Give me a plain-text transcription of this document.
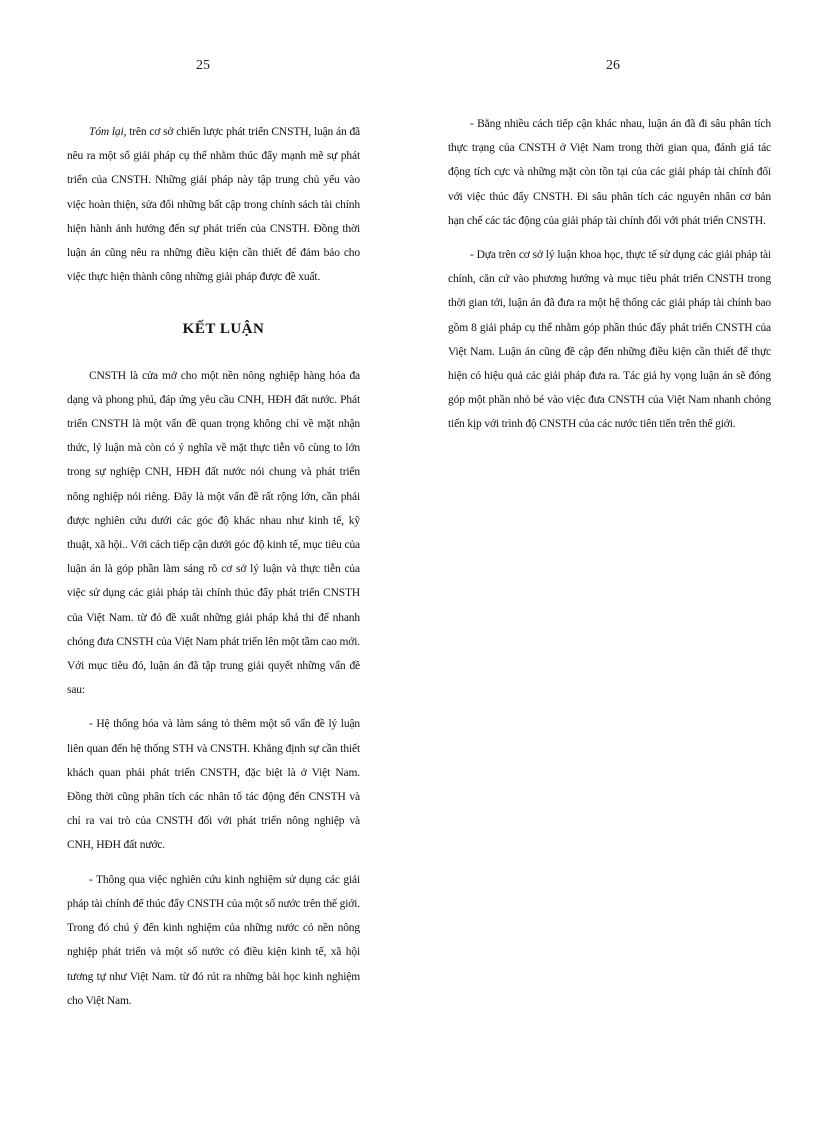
25	26

Tóm lại, trên cơ sở chiến lược phát triển CNSTH, luận án đã nêu ra một số giải pháp cụ thể nhằm thúc đẩy mạnh mẽ sự phát triển của CNSTH. Những giải pháp này tập trung chủ yếu vào việc hoàn thiện, sửa đổi những bất cập trong chính sách tài chính hiện hành ảnh hưởng đến sự phát triển của CNSTH. Đồng thời luận án cũng nêu ra những điều kiện cần thiết để đảm bảo cho việc thực hiện thành công những giải pháp được đề xuất.

KẾT LUẬN

CNSTH là cửa mở cho một nền nông nghiệp hàng hóa đa dạng và phong phú, đáp ứng yêu cầu CNH, HĐH đất nước. Phát triển CNSTH là một vấn đề quan trọng không chỉ về mặt nhận thức, lý luận mà còn có ý nghĩa về mặt thực tiễn vô cùng to lớn trong sự nghiệp CNH, HĐH đất nước nói chung và phát triển nông nghiệp nói riêng. Đây là một vấn đề rất rộng lớn, cần phải được nghiên cứu dưới các góc độ khác nhau như kinh tế, kỹ thuật, xã hội.. Với cách tiếp cận dưới góc độ kinh tế, mục tiêu của luận án là góp phần làm sáng rõ cơ sở lý luận và thực tiễn của việc sử dụng các giải pháp tài chính thúc đẩy phát triển CNSTH của Việt Nam. từ đó đề xuất những giải pháp khả thi để nhanh chóng đưa CNSTH của Việt Nam phát triển lên một tầm cao mới. Với mục tiêu đó, luận án đã tập trung giải quyết những vấn đề sau:

- Hệ thống hóa và làm sáng tỏ thêm một số vấn đề lý luận liên quan đến hệ thống STH và CNSTH. Khẳng định sự cần thiết khách quan phải phát triển CNSTH, đặc biệt là ở Việt Nam. Đồng thời cũng phân tích các nhân tố tác động đến CNSTH và chỉ ra vai trò của CNSTH đối với phát triển nông nghiệp và CNH, HĐH đất nước.

- Thông qua việc nghiên cứu kinh nghiệm sử dụng các giải pháp tài chính để thúc đẩy CNSTH của một số nước trên thế giới. Trong đó chú ý đến kinh nghiệm của những nước có nền nông nghiệp phát triển và một số nước có điều kiện kinh tế, xã hội tương tự như Việt Nam. từ đó rút ra những bài học kinh nghiệm cho Việt Nam.

- Bằng nhiều cách tiếp cận khác nhau, luận án đã đi sâu phân tích thực trạng của CNSTH ở Việt Nam trong thời gian qua, đánh giá tác động tích cực và những mặt còn tồn tại của các giải pháp tài chính đối với việc thúc đẩy CNSTH. Đi sâu phân tích các nguyên nhân cơ bản hạn chế các tác động của giải pháp tài chính đối với phát triển CNSTH.

- Dựa trên cơ sở lý luận khoa học, thực tế sử dụng các giải pháp tài chính, căn cứ vào phương hướng và mục tiêu phát triển CNSTH trong thời gian tới, luận án đã đưa ra một hệ thống các giải pháp tài chính bao gồm 8 giải pháp cụ thể nhằm góp phần thúc đẩy phát triển CNSTH của Việt Nam. Luận án cũng đề cập đến những điều kiện cần thiết để thực hiện có hiệu quả các giải pháp đưa ra. Tác giả hy vọng luận án sẽ đóng góp một phần nhỏ bé vào việc đưa CNSTH của Việt Nam nhanh chóng tiến kịp với trình độ CNSTH của các nước tiên tiến trên thế giới.
